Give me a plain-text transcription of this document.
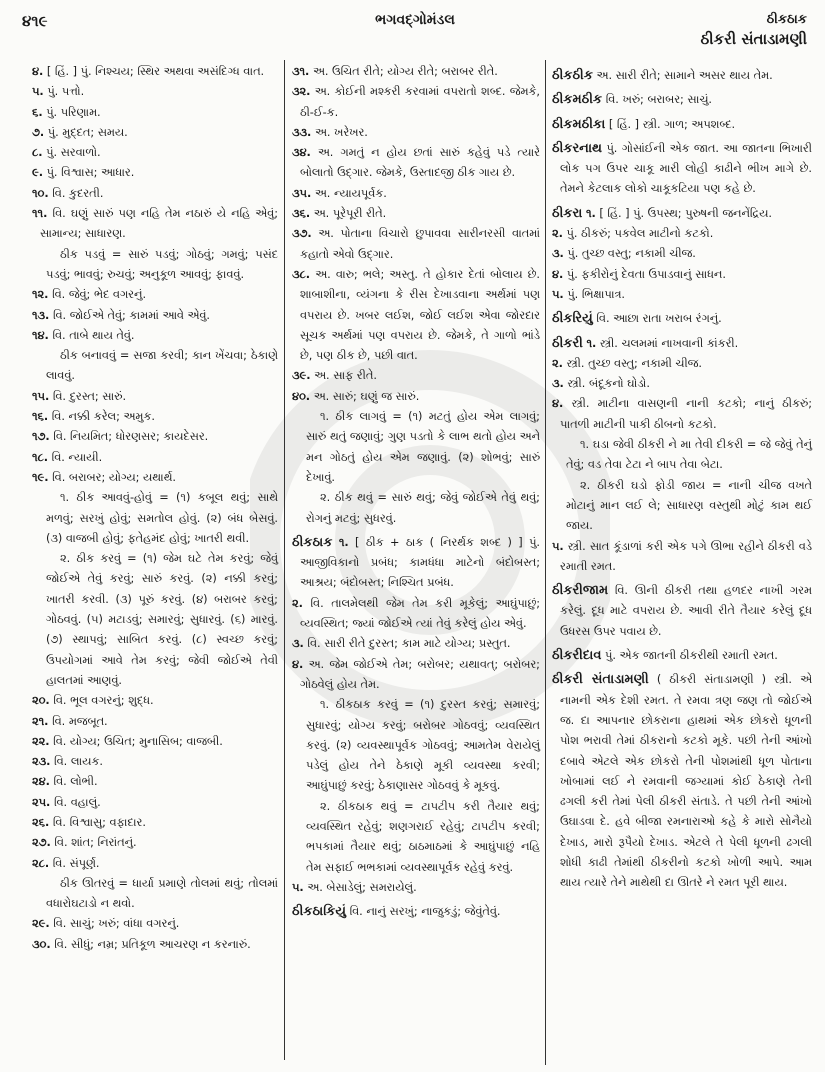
૪૧૯	ભગવદ્ગોમંડલ	ઠીકઠાક
ઠીકરી સંતાડામણી

૪. [ હિં. ] પું. નિશ્ચય; સ્થિર અથવા અસંદિગ્ધ વાત.

૫. પું. પત્તો.

૬. પું. પરિણામ.

૭. પું. મુદ્દત; સમય.

૮. પું. સરવાળો.

૯. પું. વિશ્વાસ; આધાર.

૧૦. વિ. કુદરતી.

૧૧. વિ. ઘણું સારું પણ નહિ તેમ નઠારું યે નહિ એવું; સામાન્ય; સાધારણ.

ઠીક પડવું = સારું પડવું; ગોઠવું; ગમવું; પસંદ પડવું; ભાવવું; રુચવું; અનુકૂળ આવવું; ફાવવું.

૧૨. વિ. જેવું; ભેદ વગરનું.

૧૩. વિ. જોઈએ તેવું; કામમાં આવે એવું.

૧૪. વિ. તાબે થાય તેવું.

ઠીક બનાવવું = સજા કરવી; કાન ખેંચવા; ઠેકાણે લાવવું.

૧૫. વિ. દુરસ્ત; સારું.

૧૬. વિ. નક્કી કરેલ; અમુક.

૧૭. વિ. નિયમિત; ધોરણસર; કાયદેસર.

૧૮. વિ. ન્યાયી.

૧૯. વિ. બરાબર; યોગ્ય; યથાર્થ.

૧. ઠીક આવવું-હોવું = (૧) કબૂલ થવું; સાથે મળવું; સરખું હોવું; સમતોલ હોવું. (૨) બંધ બેસવું. (૩) વાજબી હોવું; ફતેહમંદ હોવું; ખાતરી થવી.

૨. ઠીક કરવું = (૧) જેમ ઘટે તેમ કરવું; જેવું જોઈએ તેવું કરવું; સારું કરવું. (૨) નક્કી કરવું; ખાતરી કરવી. (૩) પૂરું કરવું. (૪) બરાબર કરવું; ગોઠવવું. (૫) મટાડવું; સમારવું; સુધારવું. (૬) મારવું. (૭) સ્થાપવું; સાબિત કરવું. (૮) સ્વચ્છ કરવું; ઉપયોગમાં આવે તેમ કરવું; જેવી જોઈએ તેવી હાલતમાં આણવું.

૨૦. વિ. ભૂલ વગરનું; શુદ્ધ.

૨૧. વિ. મજબૂત.

૨૨. વિ. યોગ્ય; ઉચિત; મુનાસિબ; વાજબી.

૨૩. વિ. લાયક.

૨૪. વિ. લોભી.

૨૫. વિ. વહાલું.

૨૬. વિ. વિશ્વાસુ; વફાદાર.

૨૭. વિ. શાંત; નિરાંતનું.

૨૮. વિ. સંપૂર્ણ.

ઠીક ઊતરવું = ધાર્યા પ્રમાણે તોલમાં થવું; તોલમાં વધારોઘટાડો ન થવો.

૨૯. વિ. સાચું; ખરું; વાંધા વગરનું.

૩૦. વિ. સીધું; નમ્ર; પ્રતિકૂળ આચરણ ન કરનારું.

૩૧. અ. ઉચિત રીતે; યોગ્ય રીતે; બરાબર રીતે.

૩૨. અ. કોઈની મશ્કરી કરવામાં વપરાતો શબ્દ. જેમકે, ઠી-ઈ-ક.

૩૩. અ. ખરેખર.

૩૪. અ. ગમતું ન હોય છતાં સારું કહેવું પડે ત્યારે બોલાતો ઉદ્ગાર. જેમકે, ઉસ્તાદજી ઠીક ગાય છે.

૩૫. અ. ન્યાયપૂર્વક.

૩૬. અ. પૂરેપૂરી રીતે.

૩૭. અ. પોતાના વિચારો છુપાવવા સારીનરસી વાતમાં કહાતો એવો ઉદ્ગાર.

૩૮. અ. વારુ; ભલે; અસ્તુ. તે હોકાર દેતાં બોલાય છે. શાબાશીના, વ્યંગના કે રીસ દેખાડવાના અર્થમાં પણ વપરાય છે. ખબર લઈશ, જોઈ લઈશ એવા જોરદાર સૂચક અર્થમાં પણ વપરાય છે. જેમકે, તે ગાળો ભાંડે છે, પણ ઠીક છે, પછી વાત.

૩૯. અ. સાફ રીતે.

૪૦. અ. સારું; ઘણું જ સારું.

૧. ઠીક લાગવું = (૧) મટતું હોય એમ લાગવું; સારું થતું જણાવું; ગુણ પડતો કે લાભ થતો હોય અને મન ગોઠતું હોય એમ જણાવું. (૨) શોભવું; સારું દેખાવું.

૨. ઠીક થવું = સારું થવું; જેવું જોઈએ તેવું થવું; રોગનું મટવું; સુધરવું.

ઠીકઠાક ૧. [ ઠીક + ઠાક ( નિરર્થક શબ્દ ) ] પું. આજીવિકાનો પ્રબંધ; કામધંધા માટેનો બંદોબસ્ત; આશ્રય; બંદોબસ્ત; નિશ્ચિત પ્રબંધ.

૨. વિ. તાલમેલથી જેમ તેમ કરી મૂકેલું; આઘુંપાછું; વ્યવસ્થિત; જ્યાં જોઈએ ત્યાં તેવું કરેલું હોય એવું.

૩. વિ. સારી રીતે દુરસ્ત; કામ માટે યોગ્ય; પ્રસ્તુત.

૪. અ. જેમ જોઈએ તેમ; બરોબર; યથાવત્; બરોબર; ગોઠવેલું હોય તેમ.

૧. ઠીકઠાક કરવું = (૧) દુરસ્ત કરવું; સમારવું; સુધારવું; યોગ્ય કરવું; બરોબર ગોઠવવું; વ્યવસ્થિત કરવું. (૨) વ્યવસ્થાપૂર્વક ગોઠવવું; આમતેમ વેરાયેલું પડેલું હોય તેને ઠેકાણે મૂકી વ્યવસ્થા કરવી; આઘુંપાછું કરવું; ઠેકાણાસર ગોઠવવું કે મૂકવું.

૨. ઠીકઠાક થવું = ટાપટીપ કરી તૈયાર થવું; વ્યવસ્થિત રહેવું; શણગરાઈ રહેવું; ટાપટીપ કરવી; ભપકામાં તૈયાર થવું; ઠાઠમાઠમાં કે આઘુંપાછું નહિ તેમ સફાઈ ભભકામાં વ્યવસ્થાપૂર્વક રહેવું કરવું.

૫. અ. બેસાડેલું; સમરાયેલું.

ઠીકઠાકિયું વિ. નાનું સરખું; નાજુકડું; જેવુંતેવું.

ઠીકઠીક અ. સારી રીતે; સામાને અસર થાય તેમ.

ઠીકમઠીક વિ. ખરું; બરાબર; સાચું.

ઠીકમઠીકા [ હિં. ] સ્ત્રી. ગાળ; અપશબ્દ.

ઠીકરનાથ પું. ગોસાંઈની એક જાત. આ જાતના ભિખારી લોક પગ ઉપર ચાકૂ મારી લોહી કાઢીને ભીખ માગે છે. તેમને કેટલાક લોકો ચાકૂકટિયા પણ કહે છે.

ઠીકરા ૧. [ હિં. ] પું. ઉપસ્થ; પુરુષની જનનેંદ્રિય.

૨. પું. ઠીકરું; પકવેલ માટીનો કટકો.

૩. પું. તુચ્છ વસ્તુ; નકામી ચીજ.

૪. પું. ફકીરોનું દેવતા ઉપાડવાનું સાધન.

૫. પું. ભિક્ષાપાત્ર.

ઠીકરિયું વિ. આછા રાતા ખરાબ રંગનું.

ઠીકરી ૧. સ્ત્રી. ચલમમાં નાખવાની કાંકરી.

૨. સ્ત્રી. તુચ્છ વસ્તુ; નકામી ચીજ.

૩. સ્ત્રી. બંદૂકનો ઘોડો.

૪. સ્ત્રી. માટીના વાસણની નાની કટકો; નાનું ઠીકરું; પાતળી માટીની પાકી ઠીબનો કટકો.

૧. ઘડા જેવી ઠીકરી ને મા તેવી દીકરી = જે જેવું તેનું તેવું; વડ તેવા ટેટા ને બાપ તેવા બેટા.

૨. ઠીકરી ઘડો ફોડી જાય = નાની ચીજ વખતે મોટાનું માન લઈ લે; સાધારણ વસ્તુથી મોટું કામ થઈ જાય.

૫. સ્ત્રી. સાત કૂંડાળાં કરી એક પગે ઊભા રહીને ઠીકરી વડે રમાતી રમત.

ઠીકરીજામ વિ. ઊની ઠીકરી તથા હળદર નાખી ગરમ કરેલું. દૂધ માટે વપરાય છે. આવી રીતે તૈયાર કરેલું દૂધ ઉધરસ ઉપર પવાય છે.

ઠીકરીદાવ પું. એક જાતની ઠીકરીથી રમાતી રમત.

ઠીકરી સંતાડામણી ( ઠીકરી સંતાડામણી ) સ્ત્રી. એ નામની એક દેશી રમત. તે રમવા ત્રણ જણ તો જોઈએ જ. દા આપનાર છોકરાના હાથમાં એક છોકરો ધૂળની પોશ ભરાવી તેમાં ઠીકરાનો કટકો મૂકે. પછી તેની આંખો દબાવે એટલે એક છોકરો તેની પોશમાંથી ધૂળ પોતાના ખોબામાં લઈ ને રમવાની જગ્યામાં કોઈ ઠેકાણે તેની ઢગલી કરી તેમાં પેલી ઠીકરી સંતાડે. તે પછી તેની આંખો ઉઘાડવા દે. હવે બીજા રમનારાઓ કહે કે મારો સોનૈયો દેખાડ, મારો રૂપૈયો દેખાડ. એટલે તે પેલી ધૂળની ઢગલી શોધી કાઢી તેમાંથી ઠીકરીનો કટકો ખોળી આપે. આમ થાય ત્યારે તેને માથેથી દા ઊતરે ને રમત પૂરી થાય.
